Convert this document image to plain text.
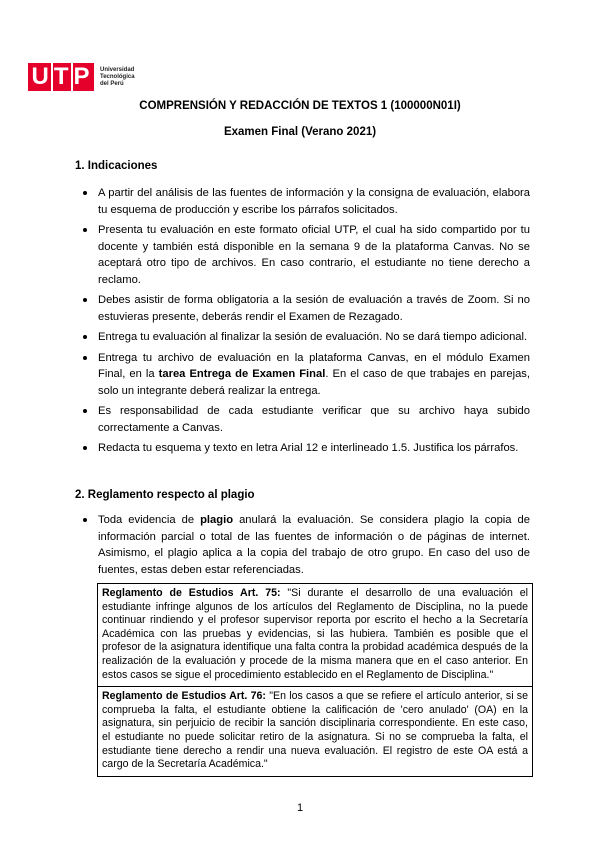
U T P Universidad
Tecnológica
del Perú
COMPRENSIÓN Y REDACCIÓN DE TEXTOS 1 (100000N01I)
Examen Final (Verano 2021)
1. Indicaciones
A partir del análisis de las fuentes de información y la consigna de evaluación, elabora tu esquema de producción y escribe los párrafos solicitados.
Presenta tu evaluación en este formato oficial UTP, el cual ha sido compartido por tu docente y también está disponible en la semana 9 de la plataforma Canvas. No se aceptará otro tipo de archivos. En caso contrario, el estudiante no tiene derecho a reclamo.
Debes asistir de forma obligatoria a la sesión de evaluación a través de Zoom. Si no estuvieras presente, deberás rendir el Examen de Rezagado.
Entrega tu evaluación al finalizar la sesión de evaluación. No se dará tiempo adicional.
Entrega tu archivo de evaluación en la plataforma Canvas, en el módulo Examen Final, en la tarea Entrega de Examen Final. En el caso de que trabajes en parejas, solo un integrante deberá realizar la entrega.
Es responsabilidad de cada estudiante verificar que su archivo haya subido correctamente a Canvas.
Redacta tu esquema y texto en letra Arial 12 e interlineado 1.5. Justifica los párrafos.
2. Reglamento respecto al plagio
Toda evidencia de plagio anulará la evaluación. Se considera plagio la copia de información parcial o total de las fuentes de información o de páginas de internet. Asimismo, el plagio aplica a la copia del trabajo de otro grupo. En caso del uso de fuentes, estas deben estar referenciadas.
Reglamento de Estudios Art. 75: "Si durante el desarrollo de una evaluación el estudiante infringe algunos de los artículos del Reglamento de Disciplina, no la puede continuar rindiendo y el profesor supervisor reporta por escrito el hecho a la Secretaría Académica con las pruebas y evidencias, si las hubiera. También es posible que el profesor de la asignatura identifique una falta contra la probidad académica después de la realización de la evaluación y procede de la misma manera que en el caso anterior. En estos casos se sigue el procedimiento establecido en el Reglamento de Disciplina."
Reglamento de Estudios Art. 76: "En los casos a que se refiere el artículo anterior, si se comprueba la falta, el estudiante obtiene la calificación de 'cero anulado' (OA) en la asignatura, sin perjuicio de recibir la sanción disciplinaria correspondiente. En este caso, el estudiante no puede solicitar retiro de la asignatura. Si no se comprueba la falta, el estudiante tiene derecho a rendir una nueva evaluación. El registro de este OA está a cargo de la Secretaría Académica."
1
